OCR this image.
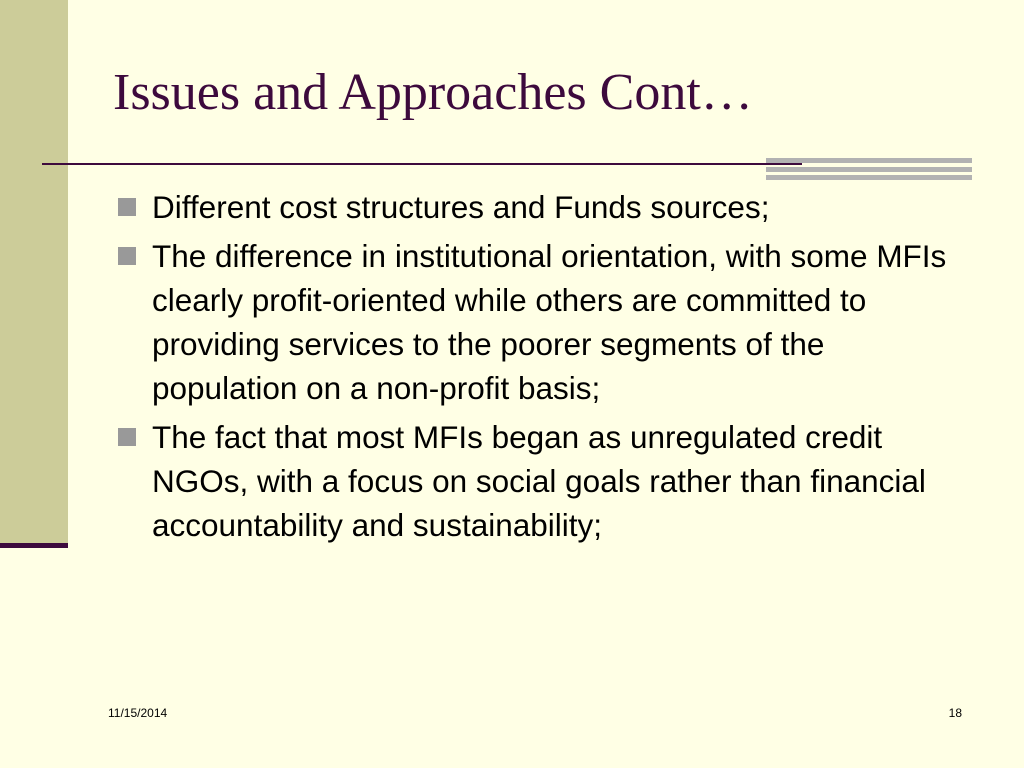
Issues and Approaches Cont…
Different cost structures and Funds sources;
The difference in institutional orientation, with some MFIs clearly profit-oriented while others are committed to providing services to the poorer segments of the population on a non-profit basis;
The fact that most MFIs began as unregulated credit NGOs, with a focus on social goals rather than financial accountability and sustainability;
11/15/2014	18
